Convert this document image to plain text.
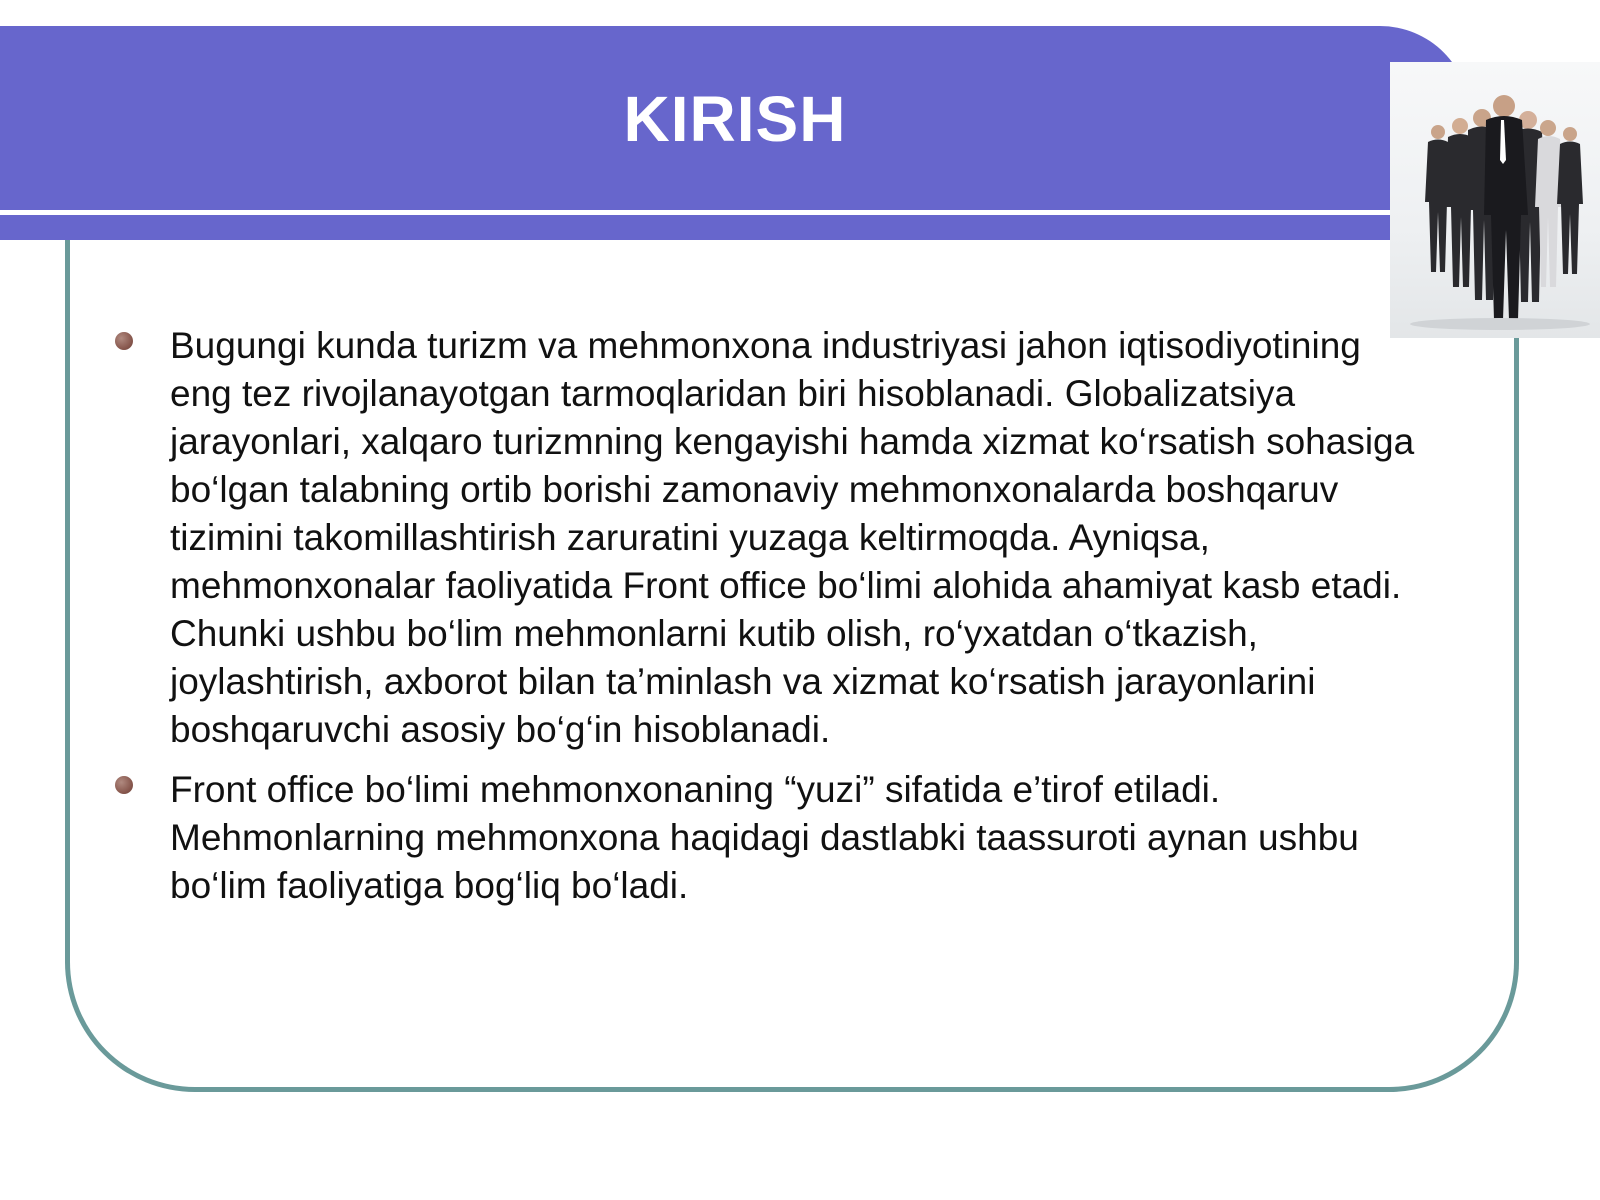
KIRISH

Bugungi kunda turizm va mehmonxona industriyasi jahon iqtisodiyotining eng tez rivojlanayotgan tarmoqlaridan biri hisoblanadi. Globalizatsiya jarayonlari, xalqaro turizmning kengayishi hamda xizmat ko‘rsatish sohasiga bo‘lgan talabning ortib borishi zamonaviy mehmonxonalarda boshqaruv tizimini takomillashtirish zaruratini yuzaga keltirmoqda. Ayniqsa, mehmonxonalar faoliyatida Front office bo‘limi alohida ahamiyat kasb etadi. Chunki ushbu bo‘lim mehmonlarni kutib olish, ro‘yxatdan o‘tkazish, joylashtirish, axborot bilan ta’minlash va xizmat ko‘rsatish jarayonlarini boshqaruvchi asosiy bo‘g‘in hisoblanadi.

Front office bo‘limi mehmonxonaning “yuzi” sifatida e’tirof etiladi. Mehmonlarning mehmonxona haqidagi dastlabki taassuroti aynan ushbu bo‘lim faoliyatiga bog‘liq bo‘ladi.
